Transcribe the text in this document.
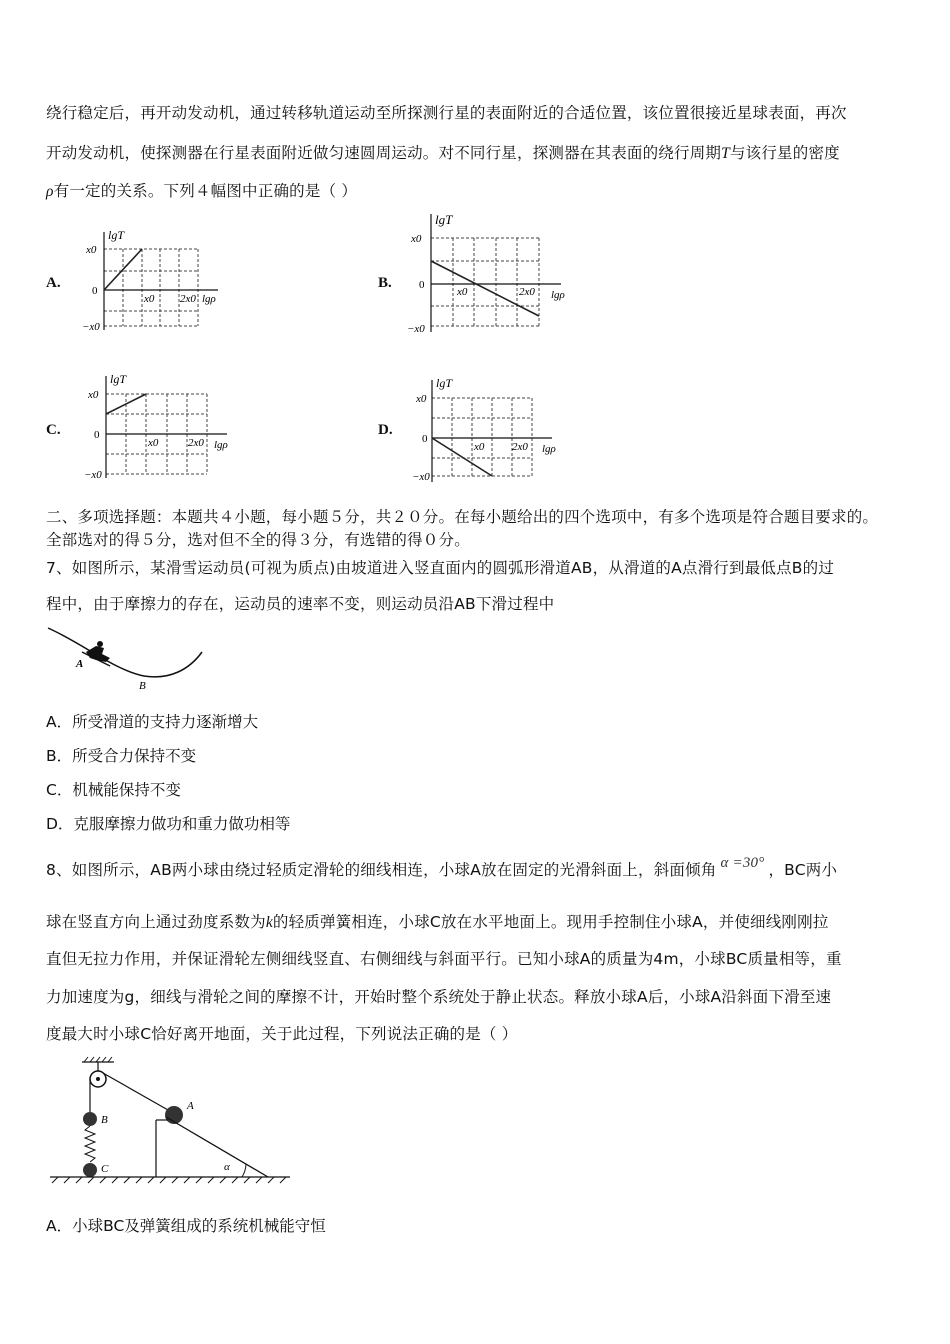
绕行稳定后，再开动发动机，通过转移轨道运动至所探测行星的表面附近的合适位置，该位置很接近星球表面，再次
开动发动机，使探测器在行星表面附近做匀速圆周运动。对不同行星，探测器在其表面的绕行周期T与该行星的密度
ρ有一定的关系。下列４幅图中正确的是（ ）
A.	B.
C.	D.
lgT
x0
0
−x0
x0 2x0 lgρ
lgT
x0
0
−x0
x0	2x0 lgρ
lgT
x0
0
−x0
x0	2x0 lgρ
lgT
x0
0
−x0
x0	2x0 lgρ
二、多项选择题：本题共４小题，每小题５分，共２０分。在每小题给出的四个选项中，有多个选项是符合题目要求的。
全部选对的得５分，选对但不全的得３分，有选错的得０分。
7、如图所示，某滑雪运动员(可视为质点)由坡道进入竖直面内的圆弧形滑道AB，从滑道的A点滑行到最低点B的过
程中，由于摩擦力的存在，运动员的速率不变，则运动员沿AB下滑过程中
A
B
A．所受滑道的支持力逐渐增大
B．所受合力保持不变
C．机械能保持不变
D．克服摩擦力做功和重力做功相等
8、如图所示，AB两小球由绕过轻质定滑轮的细线相连，小球A放在固定的光滑斜面上，斜面倾角 α =30° ，BC两小
球在竖直方向上通过劲度系数为k的轻质弹簧相连，小球C放在水平地面上。现用手控制住小球A，并使细线刚刚拉
直但无拉力作用，并保证滑轮左侧细线竖直、右侧细线与斜面平行。已知小球A的质量为4m，小球BC质量相等，重
力加速度为g，细线与滑轮之间的摩擦不计，开始时整个系统处于静止状态。释放小球A后，小球A沿斜面下滑至速
度最大时小球C恰好离开地面，关于此过程，下列说法正确的是（ ）
B
C
A
α
A．小球BC及弹簧组成的系统机械能守恒
